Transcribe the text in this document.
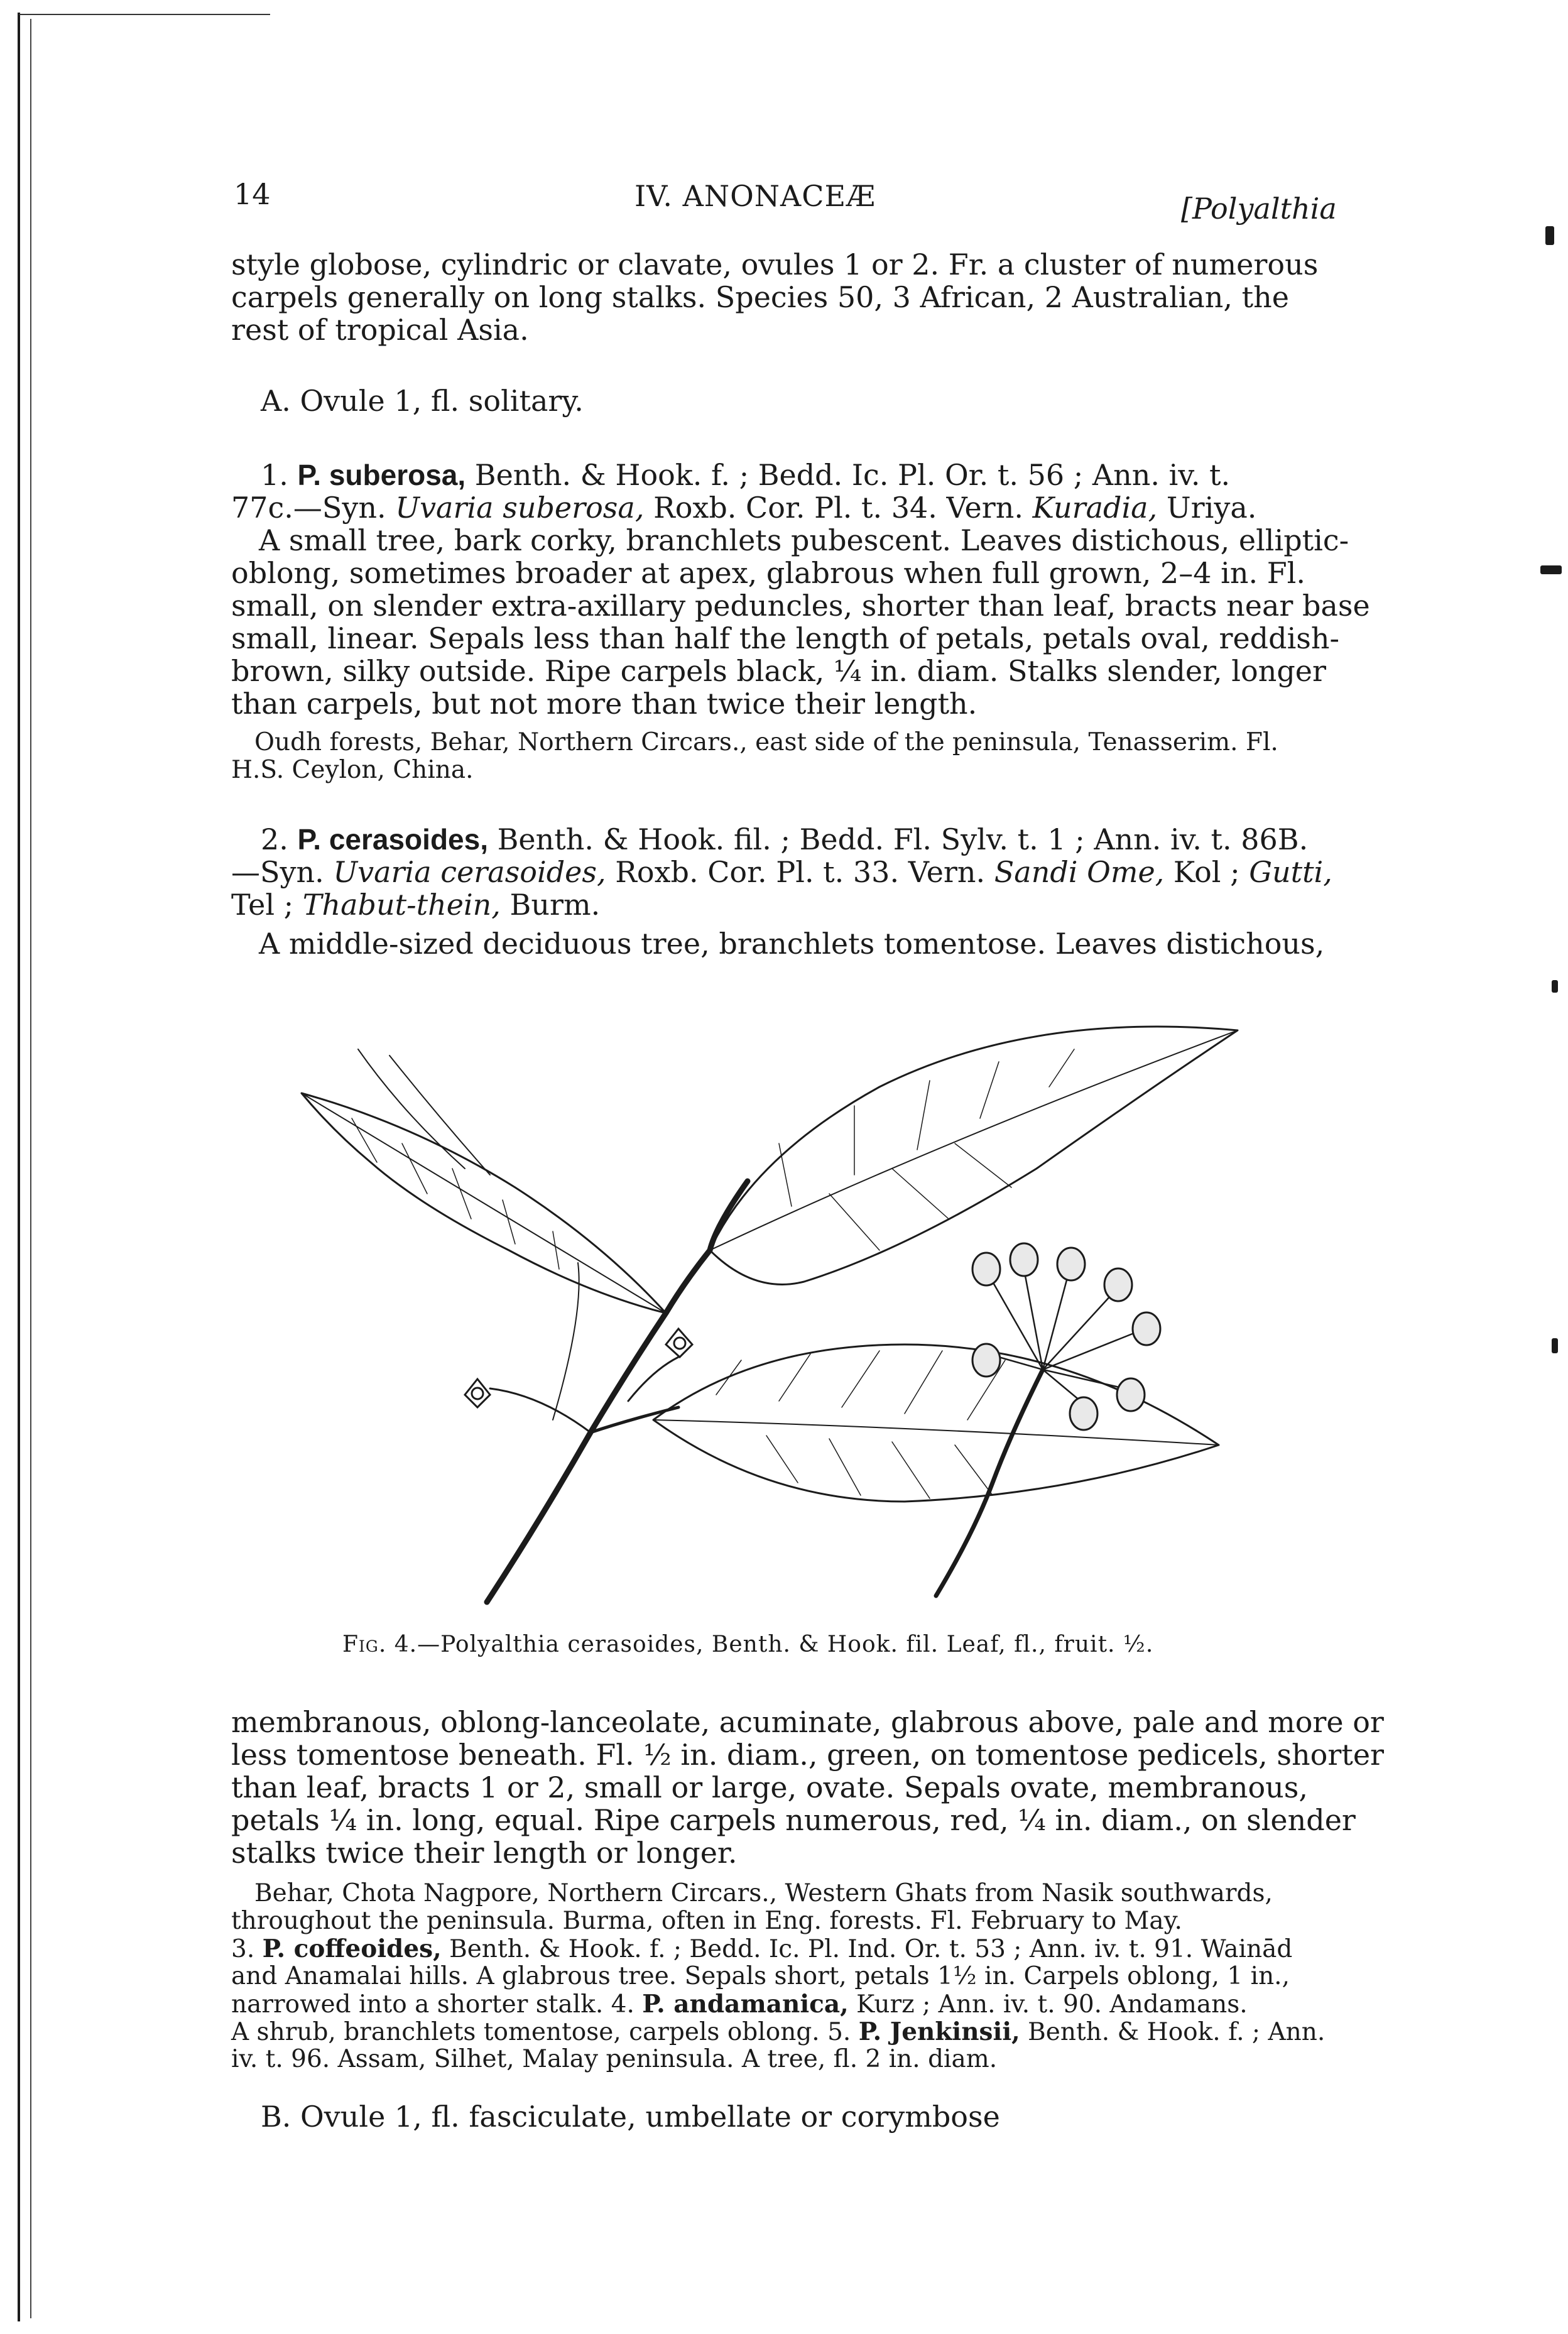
14	IV. ANONACEÆ	[Polyalthia
style globose, cylindric or clavate, ovules 1 or 2. Fr. a cluster of numerous
carpels generally on long stalks. Species 50, 3 African, 2 Australian, the
rest of tropical Asia.
A. Ovule 1, fl. solitary.
1. P. suberosa, Benth. & Hook. f. ; Bedd. Ic. Pl. Or. t. 56 ; Ann. iv. t.
77c.—Syn. Uvaria suberosa, Roxb. Cor. Pl. t. 34. Vern. Kuradia, Uriya.
A small tree, bark corky, branchlets pubescent. Leaves distichous, elliptic-
oblong, sometimes broader at apex, glabrous when full grown, 2–4 in. Fl.
small, on slender extra-axillary peduncles, shorter than leaf, bracts near base
small, linear. Sepals less than half the length of petals, petals oval, reddish-
brown, silky outside. Ripe carpels black, ¼ in. diam. Stalks slender, longer
than carpels, but not more than twice their length.
Oudh forests, Behar, Northern Circars., east side of the peninsula, Tenasserim. Fl.
H.S. Ceylon, China.
2. P. cerasoides, Benth. & Hook. fil. ; Bedd. Fl. Sylv. t. 1 ; Ann. iv. t. 86B.
—Syn. Uvaria cerasoides, Roxb. Cor. Pl. t. 33. Vern. Sandi Ome, Kol ; Gutti,
Tel ; Thabut-thein, Burm.
A middle-sized deciduous tree, branchlets tomentose. Leaves distichous,
Fig. 4.—Polyalthia cerasoides, Benth. & Hook. fil. Leaf, fl., fruit. ½.
membranous, oblong-lanceolate, acuminate, glabrous above, pale and more or
less tomentose beneath. Fl. ½ in. diam., green, on tomentose pedicels, shorter
than leaf, bracts 1 or 2, small or large, ovate. Sepals ovate, membranous,
petals ¼ in. long, equal. Ripe carpels numerous, red, ¼ in. diam., on slender
stalks twice their length or longer.
Behar, Chota Nagpore, Northern Circars., Western Ghats from Nasik southwards,
throughout the peninsula. Burma, often in Eng. forests. Fl. February to May.
3. P. coffeoides, Benth. & Hook. f. ; Bedd. Ic. Pl. Ind. Or. t. 53 ; Ann. iv. t. 91. Wainād
and Anamalai hills. A glabrous tree. Sepals short, petals 1½ in. Carpels oblong, 1 in.,
narrowed into a shorter stalk. 4. P. andamanica, Kurz ; Ann. iv. t. 90. Andamans.
A shrub, branchlets tomentose, carpels oblong. 5. P. Jenkinsii, Benth. & Hook. f. ; Ann.
iv. t. 96. Assam, Silhet, Malay peninsula. A tree, fl. 2 in. diam.
B. Ovule 1, fl. fasciculate, umbellate or corymbose
